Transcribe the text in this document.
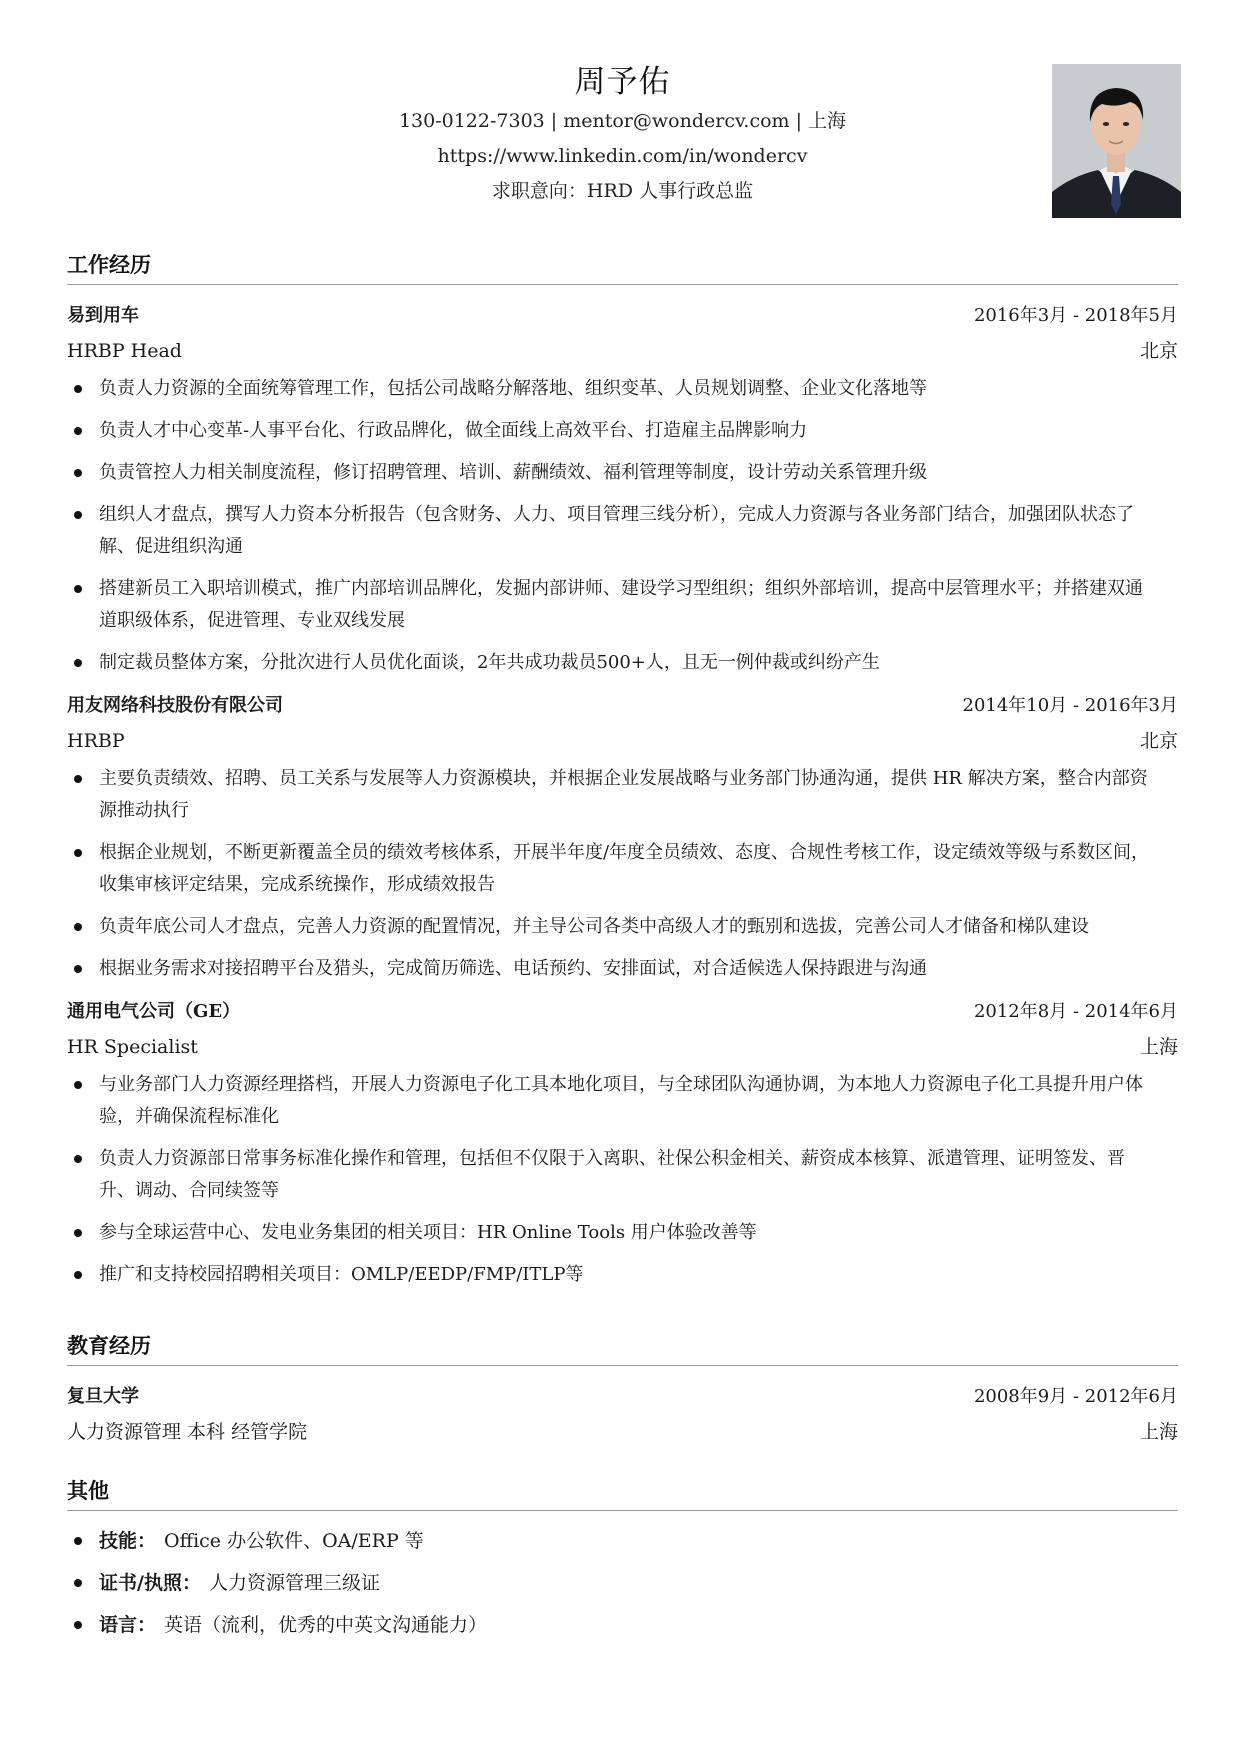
周予佑
130-0122-7303 | mentor@wondercv.com | 上海
https://www.linkedin.com/in/wondercv
求职意向：HRD 人事行政总监
工作经历
易到用车	2016年3月 - 2018年5月
HRBP Head	北京
负责人力资源的全面统筹管理工作，包括公司战略分解落地、组织变革、人员规划调整、企业文化落地等
负责人才中心变革-人事平台化、行政品牌化，做全面线上高效平台、打造雇主品牌影响力
负责管控人力相关制度流程，修订招聘管理、培训、薪酬绩效、福利管理等制度，设计劳动关系管理升级
组织人才盘点，撰写人力资本分析报告（包含财务、人力、项目管理三线分析），完成人力资源与各业务部门结合，加强团队状态了解、促进组织沟通
搭建新员工入职培训模式，推广内部培训品牌化，发掘内部讲师、建设学习型组织；组织外部培训，提高中层管理水平；并搭建双通道职级体系，促进管理、专业双线发展
制定裁员整体方案，分批次进行人员优化面谈，2年共成功裁员500+人，且无一例仲裁或纠纷产生
用友网络科技股份有限公司	2014年10月 - 2016年3月
HRBP	北京
主要负责绩效、招聘、员工关系与发展等人力资源模块，并根据企业发展战略与业务部门协通沟通，提供 HR 解决方案，整合内部资源推动执行
根据企业规划，不断更新覆盖全员的绩效考核体系，开展半年度/年度全员绩效、态度、合规性考核工作，设定绩效等级与系数区间，收集审核评定结果，完成系统操作，形成绩效报告
负责年底公司人才盘点，完善人力资源的配置情况，并主导公司各类中高级人才的甄别和选拔，完善公司人才储备和梯队建设
根据业务需求对接招聘平台及猎头，完成简历筛选、电话预约、安排面试，对合适候选人保持跟进与沟通
通用电气公司（GE）	2012年8月 - 2014年6月
HR Specialist	上海
与业务部门人力资源经理搭档，开展人力资源电子化工具本地化项目，与全球团队沟通协调，为本地人力资源电子化工具提升用户体验，并确保流程标准化
负责人力资源部日常事务标准化操作和管理，包括但不仅限于入离职、社保公积金相关、薪资成本核算、派遣管理、证明签发、晋升、调动、合同续签等
参与全球运营中心、发电业务集团的相关项目：HR Online Tools 用户体验改善等
推广和支持校园招聘相关项目：OMLP/EEDP/FMP/ITLP等
教育经历
复旦大学	2008年9月 - 2012年6月
人力资源管理 本科 经管学院	上海
其他
技能： Office 办公软件、OA/ERP 等
证书/执照： 人力资源管理三级证
语言： 英语（流利，优秀的中英文沟通能力）
